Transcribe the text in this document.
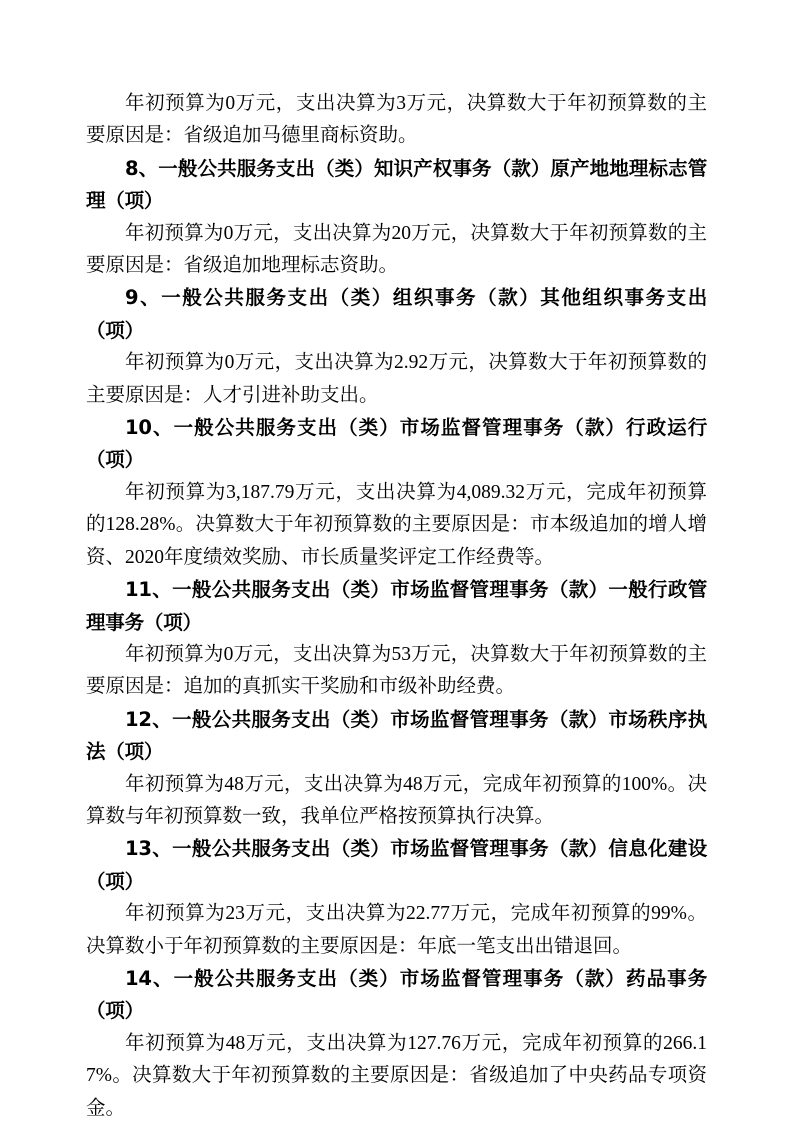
年初预算为0万元，支出决算为3万元，决算数大于年初预算数的主要原因是：省级追加马德里商标资助。

8、一般公共服务支出（类）知识产权事务（款）原产地地理标志管理（项）

年初预算为0万元，支出决算为20万元，决算数大于年初预算数的主要原因是：省级追加地理标志资助。

9、一般公共服务支出（类）组织事务（款）其他组织事务支出（项）

年初预算为0万元，支出决算为2.92万元，决算数大于年初预算数的主要原因是：人才引进补助支出。

10、一般公共服务支出（类）市场监督管理事务（款）行政运行（项）

年初预算为3,187.79万元，支出决算为4,089.32万元，完成年初预算的128.28%。决算数大于年初预算数的主要原因是：市本级追加的增人增资、2020年度绩效奖励、市长质量奖评定工作经费等。

11、一般公共服务支出（类）市场监督管理事务（款）一般行政管理事务（项）

年初预算为0万元，支出决算为53万元，决算数大于年初预算数的主要原因是：追加的真抓实干奖励和市级补助经费。

12、一般公共服务支出（类）市场监督管理事务（款）市场秩序执法（项）

年初预算为48万元，支出决算为48万元，完成年初预算的100%。决算数与年初预算数一致，我单位严格按预算执行决算。

13、一般公共服务支出（类）市场监督管理事务（款）信息化建设（项）

年初预算为23万元，支出决算为22.77万元，完成年初预算的99%。决算数小于年初预算数的主要原因是：年底一笔支出出错退回。

14、一般公共服务支出（类）市场监督管理事务（款）药品事务（项）

年初预算为48万元，支出决算为127.76万元，完成年初预算的266.17%。决算数大于年初预算数的主要原因是：省级追加了中央药品专项资金。
